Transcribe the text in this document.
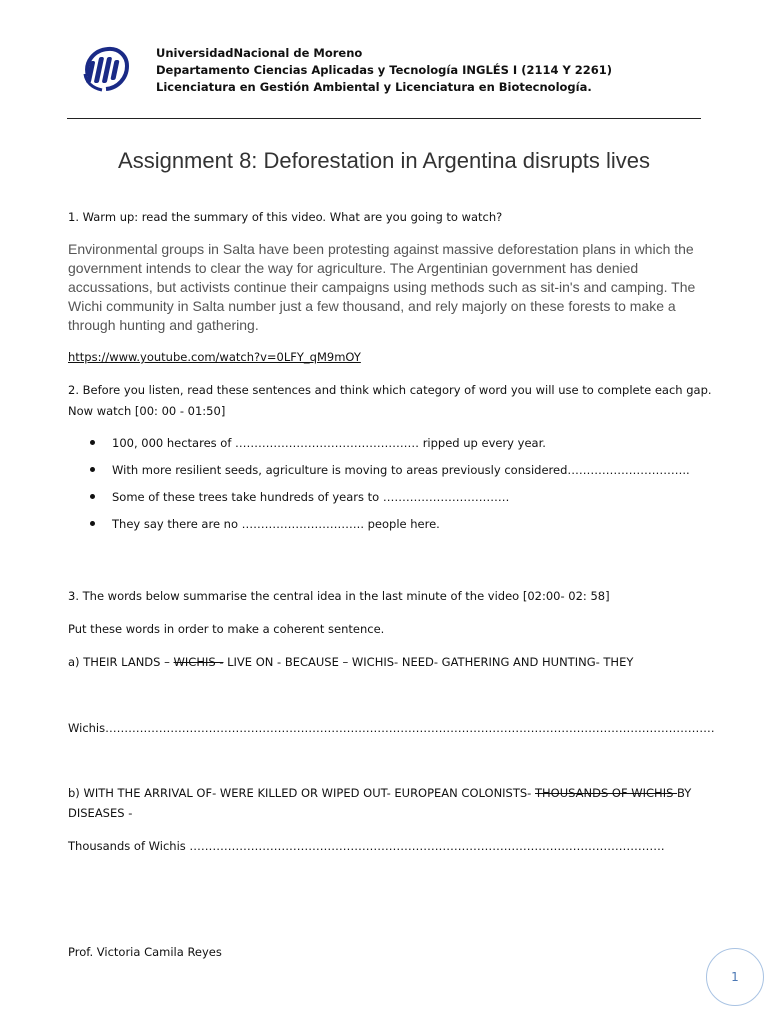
UniversidadNacional de Moreno
Departamento Ciencias Aplicadas y Tecnología INGLÉS I (2114 Y 2261)
Licenciatura en Gestión Ambiental y Licenciatura en Biotecnología.
Assignment 8: Deforestation in Argentina disrupts lives
1. Warm up: read the summary of this video. What are you going to watch?
Environmental groups in Salta have been protesting against massive deforestation plans in which the government intends to clear the way for agriculture. The Argentinian government has denied accussations, but activists continue their campaigns using methods such as sit-in's and camping. The Wichi community in Salta number just a few thousand, and rely majorly on these forests to make a through hunting and gathering.
https://www.youtube.com/watch?v=0LFY_qM9mOY
2. Before you listen, read these sentences and think which category of word you will use to complete each gap.
Now watch [00: 00 - 01:50]
100, 000 hectares of ………………………………………… ripped up every year.
With more resilient seeds, agriculture is moving to areas previously considered…………………………..
Some of these trees take hundreds of years to ……………………………
They say there are no ………………………….. people here.
3. The words below summarise the central idea in the last minute of the video [02:00- 02: 58]
Put these words in order to make a coherent sentence.
a) THEIR LANDS – WICHIS - LIVE ON - BECAUSE – WICHIS- NEED- GATHERING AND HUNTING- THEY
Wichis……………………………………………………………………………………………………………………………………………
b) WITH THE ARRIVAL OF- WERE KILLED OR WIPED OUT- EUROPEAN COLONISTS- THOUSANDS OF WICHIS BY
DISEASES -
Thousands of Wichis …………………………………………………………………………………………………………….
Prof. Victoria Camila Reyes
1
